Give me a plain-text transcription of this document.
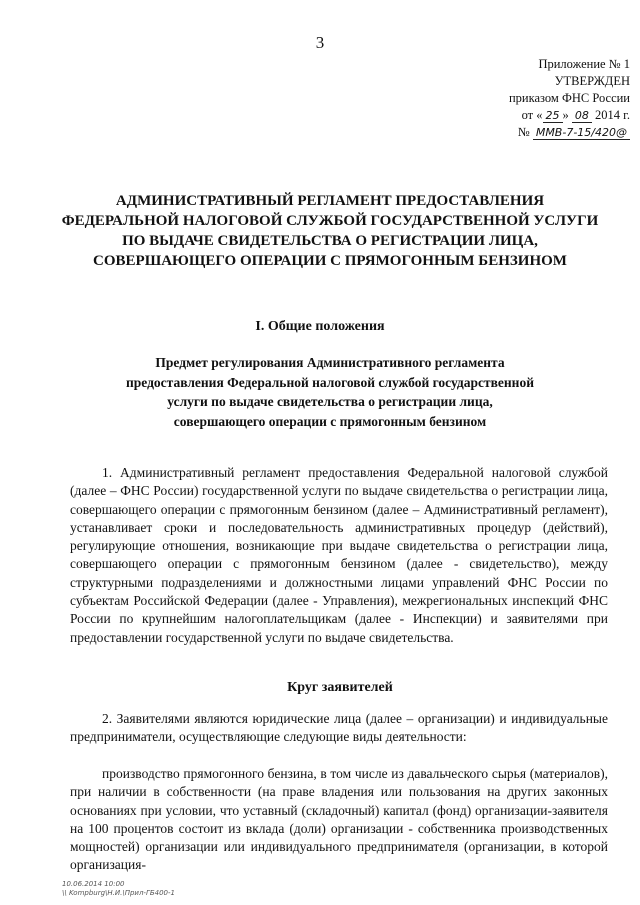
3
Приложение № 1
УТВЕРЖДЕН
приказом ФНС России
от « 25 » 08 2014 г.
№ ММВ-7-15/420@
АДМИНИСТРАТИВНЫЙ РЕГЛАМЕНТ ПРЕДОСТАВЛЕНИЯ ФЕДЕРАЛЬНОЙ НАЛОГОВОЙ СЛУЖБОЙ ГОСУДАРСТВЕННОЙ УСЛУГИ ПО ВЫДАЧЕ СВИДЕТЕЛЬСТВА О РЕГИСТРАЦИИ ЛИЦА, СОВЕРШАЮЩЕГО ОПЕРАЦИИ С ПРЯМОГОННЫМ БЕНЗИНОМ
I. Общие положения
Предмет регулирования Административного регламента предоставления Федеральной налоговой службой государственной услуги по выдаче свидетельства о регистрации лица, совершающего операции с прямогонным бензином
1. Административный регламент предоставления Федеральной налоговой службой (далее – ФНС России) государственной услуги по выдаче свидетельства о регистрации лица, совершающего операции с прямогонным бензином (далее – Административный регламент), устанавливает сроки и последовательность административных процедур (действий), регулирующие отношения, возникающие при выдаче свидетельства о регистрации лица, совершающего операции с прямогонным бензином (далее - свидетельство), между структурными подразделениями и должностными лицами управлений ФНС России по субъектам Российской Федерации (далее - Управления), межрегиональных инспекций ФНС России по крупнейшим налогоплательщикам (далее - Инспекции) и заявителями при предоставлении государственной услуги по выдаче свидетельства.
Круг заявителей
2. Заявителями являются юридические лица (далее – организации) и индивидуальные предприниматели, осуществляющие следующие виды деятельности:
производство прямогонного бензина, в том числе из давальческого сырья (материалов), при наличии в собственности (на праве владения или пользования на других законных основаниях при условии, что уставный (складочный) капитал (фонд) организации-заявителя на 100 процентов состоит из вклада (доли) организации - собственника производственных мощностей) организации или индивидуального предпринимателя (организации, в которой организация-
10.06.2014 10:00
\\ Kompburg\Н.И.\Прил-ГБ400-1
